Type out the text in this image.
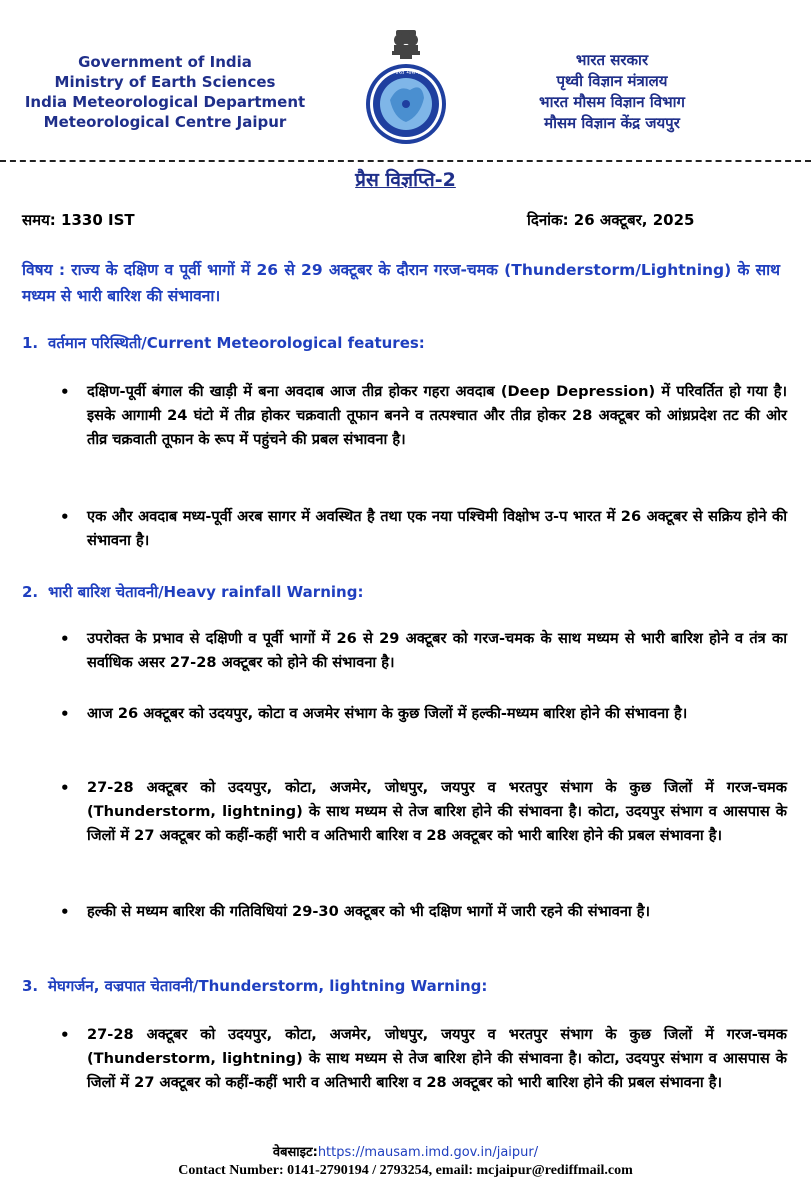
Government of India
Ministry of Earth Sciences
India Meteorological Department
Meteorological Centre Jaipur
भारत मौसम
भारत सरकार
पृथ्वी विज्ञान मंत्रालय
भारत मौसम विज्ञान विभाग
मौसम विज्ञान केंद्र जयपुर
प्रैस विज्ञप्ति-2
समय: 1330 IST	दिनांक: 26 अक्टूबर, 2025
विषय : राज्य के दक्षिण व पूर्वी भागों में 26 से 29 अक्टूबर के दौरान गरज-चमक (Thunderstorm/Lightning) के साथ मध्यम से भारी बारिश की संभावना।
1. वर्तमान परिस्थिती/Current Meteorological features:
• दक्षिण-पूर्वी बंगाल की खाड़ी में बना अवदाब आज तीव्र होकर गहरा अवदाब (Deep Depression) में परिवर्तित हो गया है। इसके आगामी 24 घंटो में तीव्र होकर चक्रवाती तूफान बनने व तत्पश्चात और तीव्र होकर 28 अक्टूबर को आंध्रप्रदेश तट की ओर तीव्र चक्रवाती तूफान के रूप में पहुंचने की प्रबल संभावना है।
• एक और अवदाब मध्य-पूर्वी अरब सागर में अवस्थित है तथा एक नया पश्चिमी विक्षोभ उ-प भारत में 26 अक्टूबर से सक्रिय होने की संभावना है।
2. भारी बारिश चेतावनी/Heavy rainfall Warning:
• उपरोक्त के प्रभाव से दक्षिणी व पूर्वी भागों में 26 से 29 अक्टूबर को गरज-चमक के साथ मध्यम से भारी बारिश होने व तंत्र का सर्वाधिक असर 27-28 अक्टूबर को होने की संभावना है।
• आज 26 अक्टूबर को उदयपुर, कोटा व अजमेर संभाग के कुछ जिलों में हल्की-मध्यम बारिश होने की संभावना है।
• 27-28 अक्टूबर को उदयपुर, कोटा, अजमेर, जोधपुर, जयपुर व भरतपुर संभाग के कुछ जिलों में गरज-चमक (Thunderstorm, lightning) के साथ मध्यम से तेज बारिश होने की संभावना है। कोटा, उदयपुर संभाग व आसपास के जिलों में 27 अक्टूबर को कहीं-कहीं भारी व अतिभारी बारिश व 28 अक्टूबर को भारी बारिश होने की प्रबल संभावना है।
• हल्की से मध्यम बारिश की गतिविधियां 29-30 अक्टूबर को भी दक्षिण भागों में जारी रहने की संभावना है।
3. मेघगर्जन, वज्रपात चेतावनी/Thunderstorm, lightning Warning:
• 27-28 अक्टूबर को उदयपुर, कोटा, अजमेर, जोधपुर, जयपुर व भरतपुर संभाग के कुछ जिलों में गरज-चमक (Thunderstorm, lightning) के साथ मध्यम से तेज बारिश होने की संभावना है। कोटा, उदयपुर संभाग व आसपास के जिलों में 27 अक्टूबर को कहीं-कहीं भारी व अतिभारी बारिश व 28 अक्टूबर को भारी बारिश होने की प्रबल संभावना है।
वेबसाइट:https://mausam.imd.gov.in/jaipur/
Contact Number: 0141-2790194 / 2793254, email: mcjaipur@rediffmail.com
